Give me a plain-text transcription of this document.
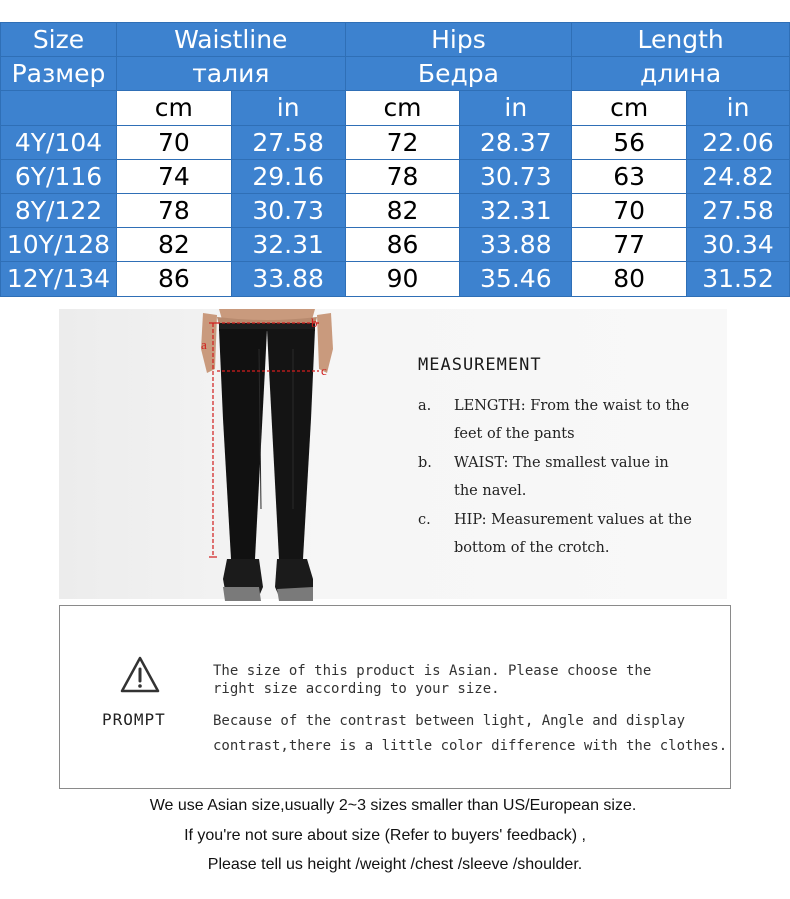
Size	Waistline		Hips		Length	
Размер	талия		Бедра		длина	
	cm	in	cm	in	cm	in
4Y/104	70	27.58	72	28.37	56	22.06
6Y/116	74	29.16	78	30.73	63	24.82
8Y/122	78	30.73	82	32.31	70	27.58
10Y/128	82	32.31	86	33.88	77	30.34
12Y/134	86	33.88	90	35.46	80	31.52
a
b
c	MEASUREMENT
a.	LENGTH: From the waist to the
feet of the pants
b.	WAIST: The smallest value in
the navel.
c.	HIP: Measurement values at the
bottom of the crotch.
PROMPT
The size of this product is Asian. Please choose the
right size according to your size.
Because of the contrast between light, Angle and display
contrast,there is a little color difference with the clothes.
We use Asian size,usually 2~3 sizes smaller than US/European size.
If you're not sure about size (Refer to buyers' feedback) ,
Please tell us height /weight /chest /sleeve /shoulder.
